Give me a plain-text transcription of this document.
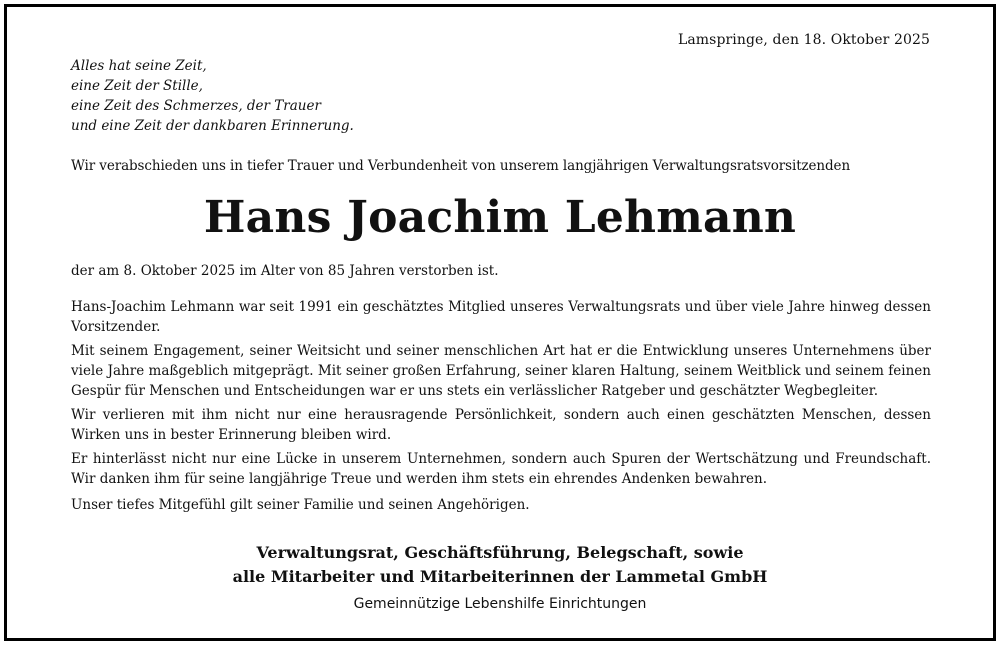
Lamspringe, den 18. Oktober 2025
Alles hat seine Zeit,
eine Zeit der Stille,
eine Zeit des Schmerzes, der Trauer
und eine Zeit der dankbaren Erinnerung.
Wir verabschieden uns in tiefer Trauer und Verbundenheit von unserem langjährigen Verwaltungsratsvorsitzenden
Hans Joachim Lehmann
der am 8. Oktober 2025 im Alter von 85 Jahren verstorben ist.

Hans-Joachim Lehmann war seit 1991 ein geschätztes Mitglied unseres Verwaltungsrats und über viele Jahre hinweg dessen Vorsitzender.

Mit seinem Engagement, seiner Weitsicht und seiner menschlichen Art hat er die Entwicklung unseres Unternehmens über viele Jahre maßgeblich mitgeprägt. Mit seiner großen Erfahrung, seiner klaren Haltung, seinem Weitblick und seinem feinen Gespür für Menschen und Entscheidungen war er uns stets ein verlässlicher Ratgeber und geschätzter Wegbegleiter.

Wir verlieren mit ihm nicht nur eine herausragende Persönlichkeit, sondern auch einen geschätzten Menschen, dessen Wirken uns in bester Erinnerung bleiben wird.

Er hinterlässt nicht nur eine Lücke in unserem Unternehmen, sondern auch Spuren der Wertschätzung und Freundschaft. Wir danken ihm für seine langjährige Treue und werden ihm stets ein ehrendes Andenken bewahren.

Unser tiefes Mitgefühl gilt seiner Familie und seinen Angehörigen.

Verwaltungsrat, Geschäftsführung, Belegschaft, sowie
alle Mitarbeiter und Mitarbeiterinnen der Lammetal GmbH
Gemeinnützige Lebenshilfe Einrichtungen
